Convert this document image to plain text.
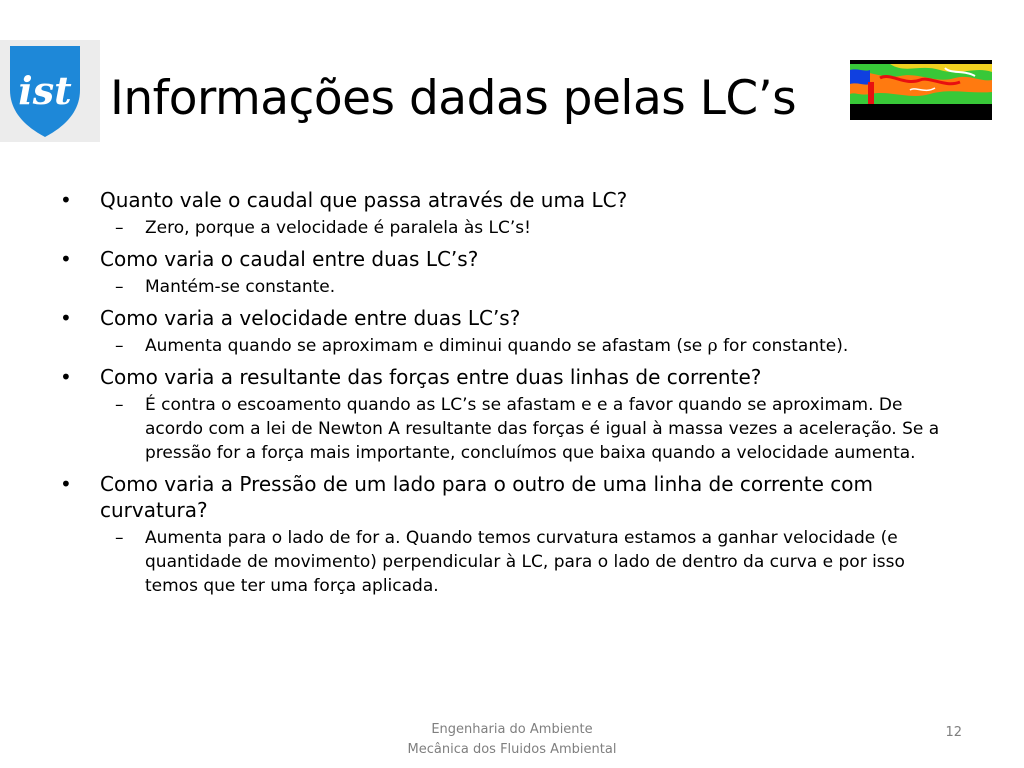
ist Informações dadas pelas LC’s
•	Quanto vale o caudal que passa através de uma LC?
– Zero, porque a velocidade é paralela às LC’s!
•	Como varia o caudal entre duas LC’s?
– Mantém-se constante.
•	Como varia a velocidade entre duas LC’s?
– Aumenta quando se aproximam e diminui quando se afastam (se ρ for constante).
•	Como varia a resultante das forças entre duas linhas de corrente?
– É contra o escoamento quando as LC’s se afastam e e a favor quando se aproximam. De acordo com a lei de Newton A resultante das forças é igual à massa vezes a aceleração. Se a pressão for a força mais importante, concluímos que baixa quando a velocidade aumenta.
•	Como varia a Pressão de um lado para o outro de uma linha de corrente com curvatura?
– Aumenta para o lado de for a. Quando temos curvatura estamos a ganhar velocidade (e quantidade de movimento) perpendicular à LC, para o lado de dentro da curva e por isso temos que ter uma força aplicada.
Engenharia do Ambiente
Mecânica dos Fluidos Ambiental
12
